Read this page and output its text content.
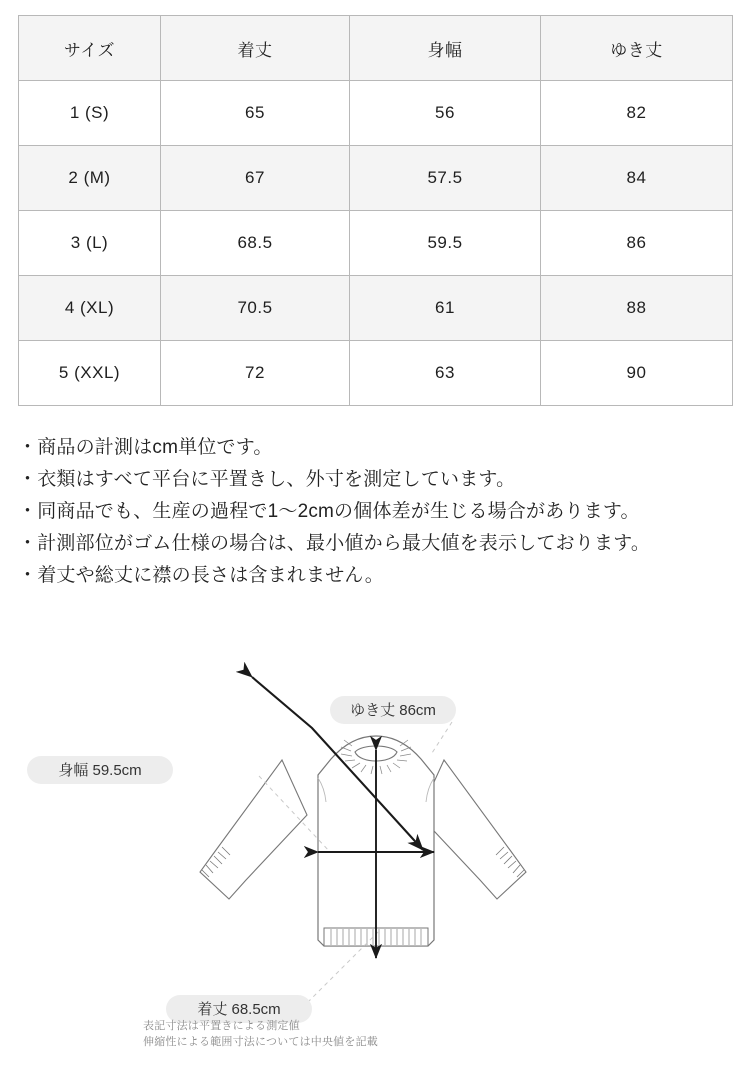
サイズ	着丈	身幅	ゆき丈
1 (S)	65	56	82
2 (M)	67	57.5	84
3 (L)	68.5	59.5	86
4 (XL)	70.5	61	88
5 (XXL)	72	63	90
・商品の計測はcm単位です。
・衣類はすべて平台に平置きし、外寸を測定しています。
・同商品でも、生産の過程で1〜2cmの個体差が生じる場合があります。
・計測部位がゴム仕様の場合は、最小値から最大値を表示しております。
・着丈や総丈に襟の長さは含まれません。
ゆき丈 86cm
身幅 59.5cm
着丈 68.5cm
表記寸法は平置きによる測定値
伸縮性による範囲寸法については中央値を記載
